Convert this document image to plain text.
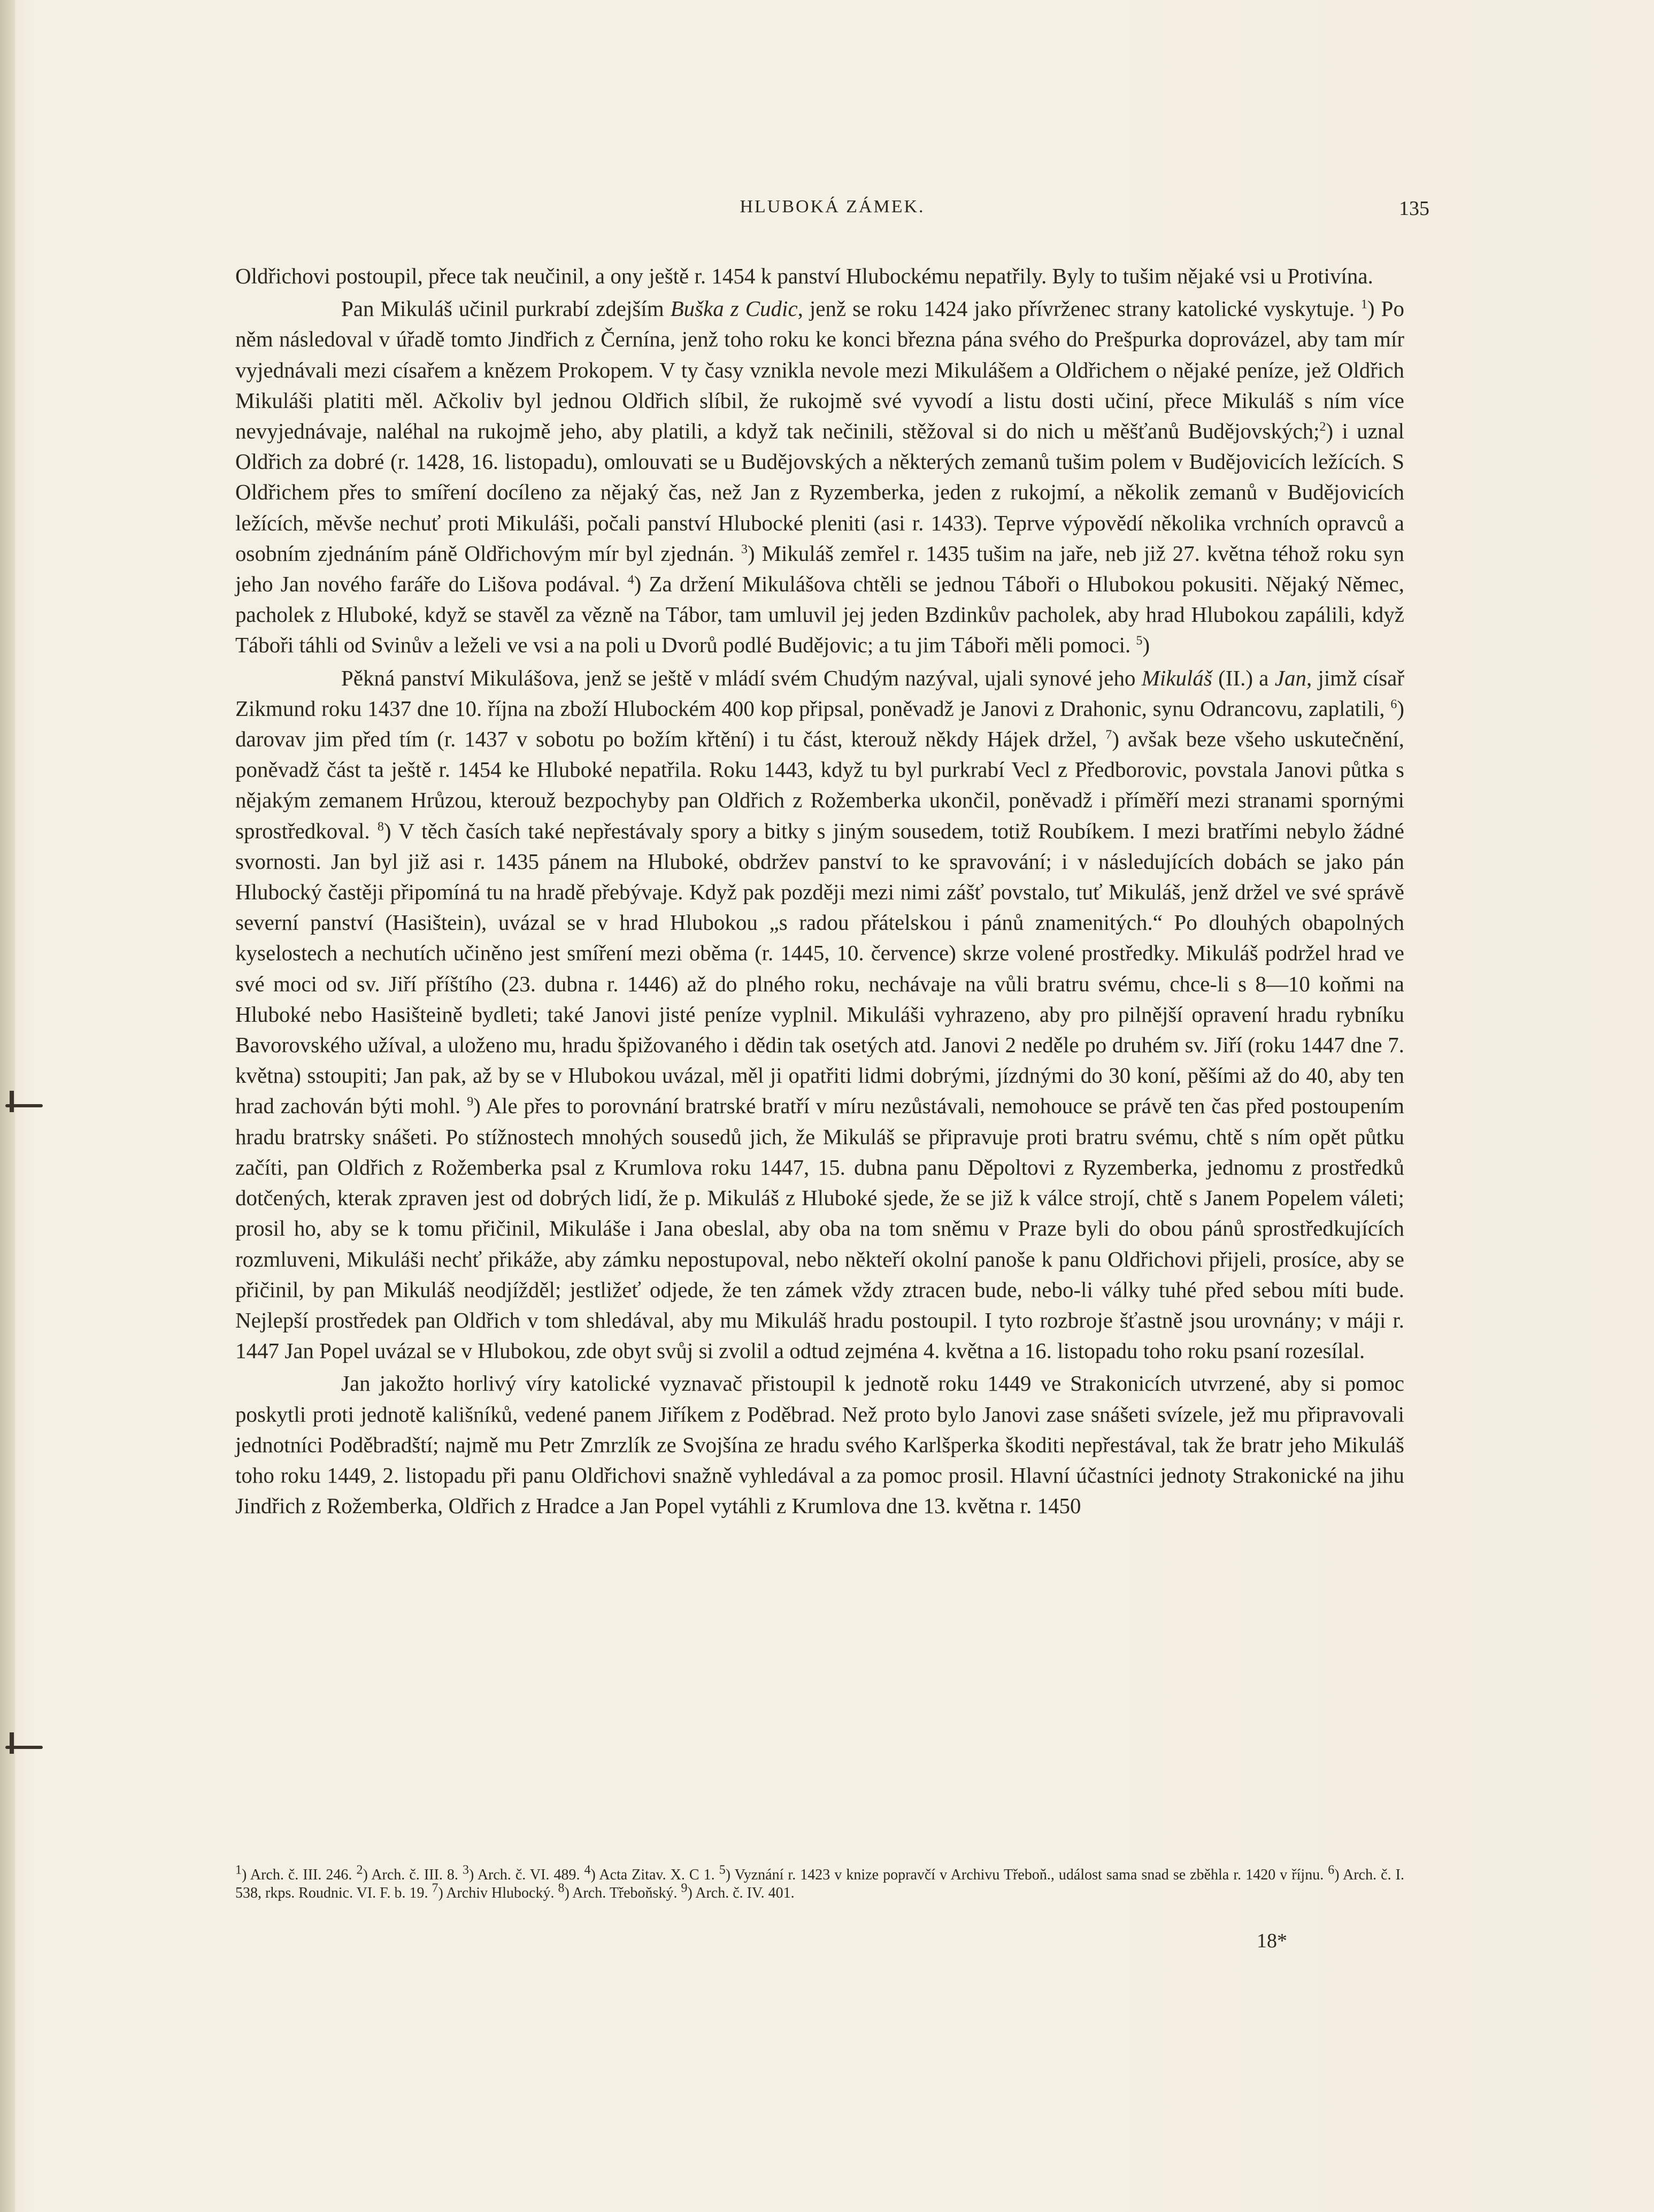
HLUBOKÁ ZÁMEK.	135

Oldřichovi postoupil, přece tak neučinil, a ony ještě r. 1454 k panství Hlubockému nepatřily. Byly to tušim nějaké vsi u Protivína.

Pan Mikuláš učinil purkrabí zdejším Buška z Cudic, jenž se roku 1424 jako přívrženec strany katolické vyskytuje. $^1$) Po něm následoval v úřadě tomto Jindřich z Černína, jenž toho roku ke konci března pána svého do Prešpurka doprovázel, aby tam mír vyjednávali mezi císařem a knězem Prokopem. V ty časy vznikla nevole mezi Mikulášem a Oldřichem o nějaké peníze, jež Oldřich Mikuláši platiti měl. Ačkoliv byl jednou Oldřich slíbil, že rukojmě své vyvodí a listu dosti učiní, přece Mikuláš s ním více nevyjednávaje, naléhal na rukojmě jeho, aby platili, a když tak nečinili, stěžoval si do nich u měšťanů Budějovských;$^2$) i uznal Oldřich za dobré (r. 1428, 16. listopadu), omlouvati se u Budějovských a některých zemanů tušim polem v Budějovicích ležících. S Oldřichem přes to smíření docíleno za nějaký čas, než Jan z Ryzemberka, jeden z rukojmí, a několik zemanů v Budějovicích ležících, měvše nechuť proti Mikuláši, počali panství Hlubocké pleniti (asi r. 1433). Teprve výpovědí několika vrchních opravců a osobním zjednáním páně Oldřichovým mír byl zjednán. $^3$) Mikuláš zemřel r. 1435 tušim na jaře, neb již 27. května téhož roku syn jeho Jan nového faráře do Lišova podával. $^4$) Za držení Mikulášova chtěli se jednou Táboři o Hlubokou pokusiti. Nějaký Němec, pacholek z Hluboké, když se stavěl za vězně na Tábor, tam umluvil jej jeden Bzdinkův pacholek, aby hrad Hlubokou zapálili, když Táboři táhli od Svinův a leželi ve vsi a na poli u Dvorů podlé Budějovic; a tu jim Táboři měli pomoci. $^5$)

Pěkná panství Mikulášova, jenž se ještě v mládí svém Chudým nazýval, ujali synové jeho Mikuláš (II.) a Jan, jimž císař Zikmund roku 1437 dne 10. října na zboží Hlubockém 400 kop připsal, poněvadž je Janovi z Drahonic, synu Odrancovu, zaplatili, $^6$) darovav jim před tím (r. 1437 v sobotu po božím křtění) i tu část, kterouž někdy Hájek držel, $^7$) avšak beze všeho uskutečnění, poněvadž část ta ještě r. 1454 ke Hluboké nepatřila. Roku 1443, když tu byl purkrabí Vecl z Předborovic, povstala Janovi půtka s nějakým zemanem Hrůzou, kterouž bezpochyby pan Oldřich z Rožemberka ukončil, poněvadž i příměří mezi stranami spornými sprostředkoval. $^8$) V těch časích také nepřestávaly spory a bitky s jiným sousedem, totiž Roubíkem. I mezi bratřími nebylo žádné svornosti. Jan byl již asi r. 1435 pánem na Hluboké, obdržev panství to ke spravování; i v následujících dobách se jako pán Hlubocký častěji připomíná tu na hradě přebývaje. Když pak později mezi nimi zášť povstalo, tuť Mikuláš, jenž držel ve své správě severní panství (Hasištein), uvázal se v hrad Hlubokou „s radou přátelskou i pánů znamenitých.“ Po dlouhých obapolných kyselostech a nechutích učiněno jest smíření mezi oběma (r. 1445, 10. července) skrze volené prostředky. Mikuláš podržel hrad ve své moci od sv. Jiří příštího (23. dubna r. 1446) až do plného roku, nechávaje na vůli bratru svému, chce-li s 8—10 koňmi na Hluboké nebo Hasišteině bydleti; také Janovi jisté peníze vyplnil. Mikuláši vyhrazeno, aby pro pilnější opravení hradu rybníku Bavorovského užíval, a uloženo mu, hradu špižovaného i dědin tak osetých atd. Janovi 2 neděle po druhém sv. Jiří (roku 1447 dne 7. května) sstoupiti; Jan pak, až by se v Hlubokou uvázal, měl ji opatřiti lidmi dobrými, jízdnými do 30 koní, pěšími až do 40, aby ten hrad zachován býti mohl. $^9$) Ale přes to porovnání bratrské bratří v míru nezůstávali, nemohouce se právě ten čas před postoupením hradu bratrsky snášeti. Po stížnostech mnohých sousedů jich, že Mikuláš se připravuje proti bratru svému, chtě s ním opět půtku začíti, pan Oldřich z Rožemberka psal z Krumlova roku 1447, 15. dubna panu Děpoltovi z Ryzemberka, jednomu z prostředků dotčených, kterak zpraven jest od dobrých lidí, že p. Mikuláš z Hluboké sjede, že se již k válce strojí, chtě s Janem Popelem váleti; prosil ho, aby se k tomu přičinil, Mikuláše i Jana obeslal, aby oba na tom sněmu v Praze byli do obou pánů sprostředkujících rozmluveni, Mikuláši nechť přikáže, aby zámku nepostupoval, nebo někteří okolní panoše k panu Oldřichovi přijeli, prosíce, aby se přičinil, by pan Mikuláš neodjížděl; jestližeť odjede, že ten zámek vždy ztracen bude, nebo-li války tuhé před sebou míti bude. Nejlepší prostředek pan Oldřich v tom shledával, aby mu Mikuláš hradu postoupil. I tyto rozbroje šťastně jsou urovnány; v máji r. 1447 Jan Popel uvázal se v Hlubokou, zde obyt svůj si zvolil a odtud zejména 4. května a 16. listopadu toho roku psaní rozesílal.

Jan jakožto horlivý víry katolické vyznavač přistoupil k jednotě roku 1449 ve Strakonicích utvrzené, aby si pomoc poskytli proti jednotě kališníků, vedené panem Jiříkem z Poděbrad. Než proto bylo Janovi zase snášeti svízele, jež mu připravovali jednotníci Poděbradští; najmě mu Petr Zmrzlík ze Svojšína ze hradu svého Karlšperka škoditi nepřestával, tak že bratr jeho Mikuláš toho roku 1449, 2. listopadu při panu Oldřichovi snažně vyhledával a za pomoc prosil. Hlavní účastníci jednoty Strakonické na jihu Jindřich z Rožemberka, Oldřich z Hradce a Jan Popel vytáhli z Krumlova dne 13. května r. 1450

$^1$) Arch. č. III. 246. $^2$) Arch. č. III. 8. $^3$) Arch. č. VI. 489. $^4$) Acta Zitav. X. C 1. $^5$) Vyznání r. 1423 v knize popravčí v Archivu Třeboň., událost sama snad se zběhla r. 1420 v říjnu. $^6$) Arch. č. I. 538, rkps. Roudnic. VI. F. b. 19. $^7$) Archiv Hlubocký. $^8$) Arch. Třeboňský. $^9$) Arch. č. IV. 401.
18*
